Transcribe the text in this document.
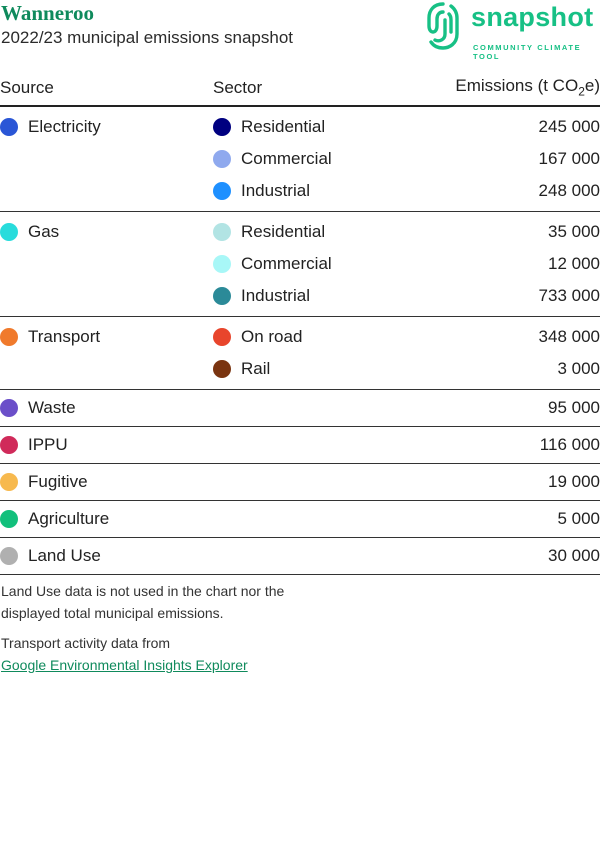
Wanneroo
2022/23 municipal emissions snapshot
snapshot
COMMUNITY CLIMATE TOOL
Source	Sector	Emissions (t $CO_2e$)

Electricity	Residential	245 000

	Commercial	167 000

	Industrial	248 000

Gas	Residential	35 000

	Commercial	12 000

	Industrial	733 000

Transport	On road	348 000

	Rail	3 000

Waste		95 000

IPPU		116 000

Fugitive		19 000

Agriculture		5 000

Land Use		30 000
Land Use data is not used in the chart nor the
displayed total municipal emissions.
Transport activity data from
Google Environmental Insights Explorer
